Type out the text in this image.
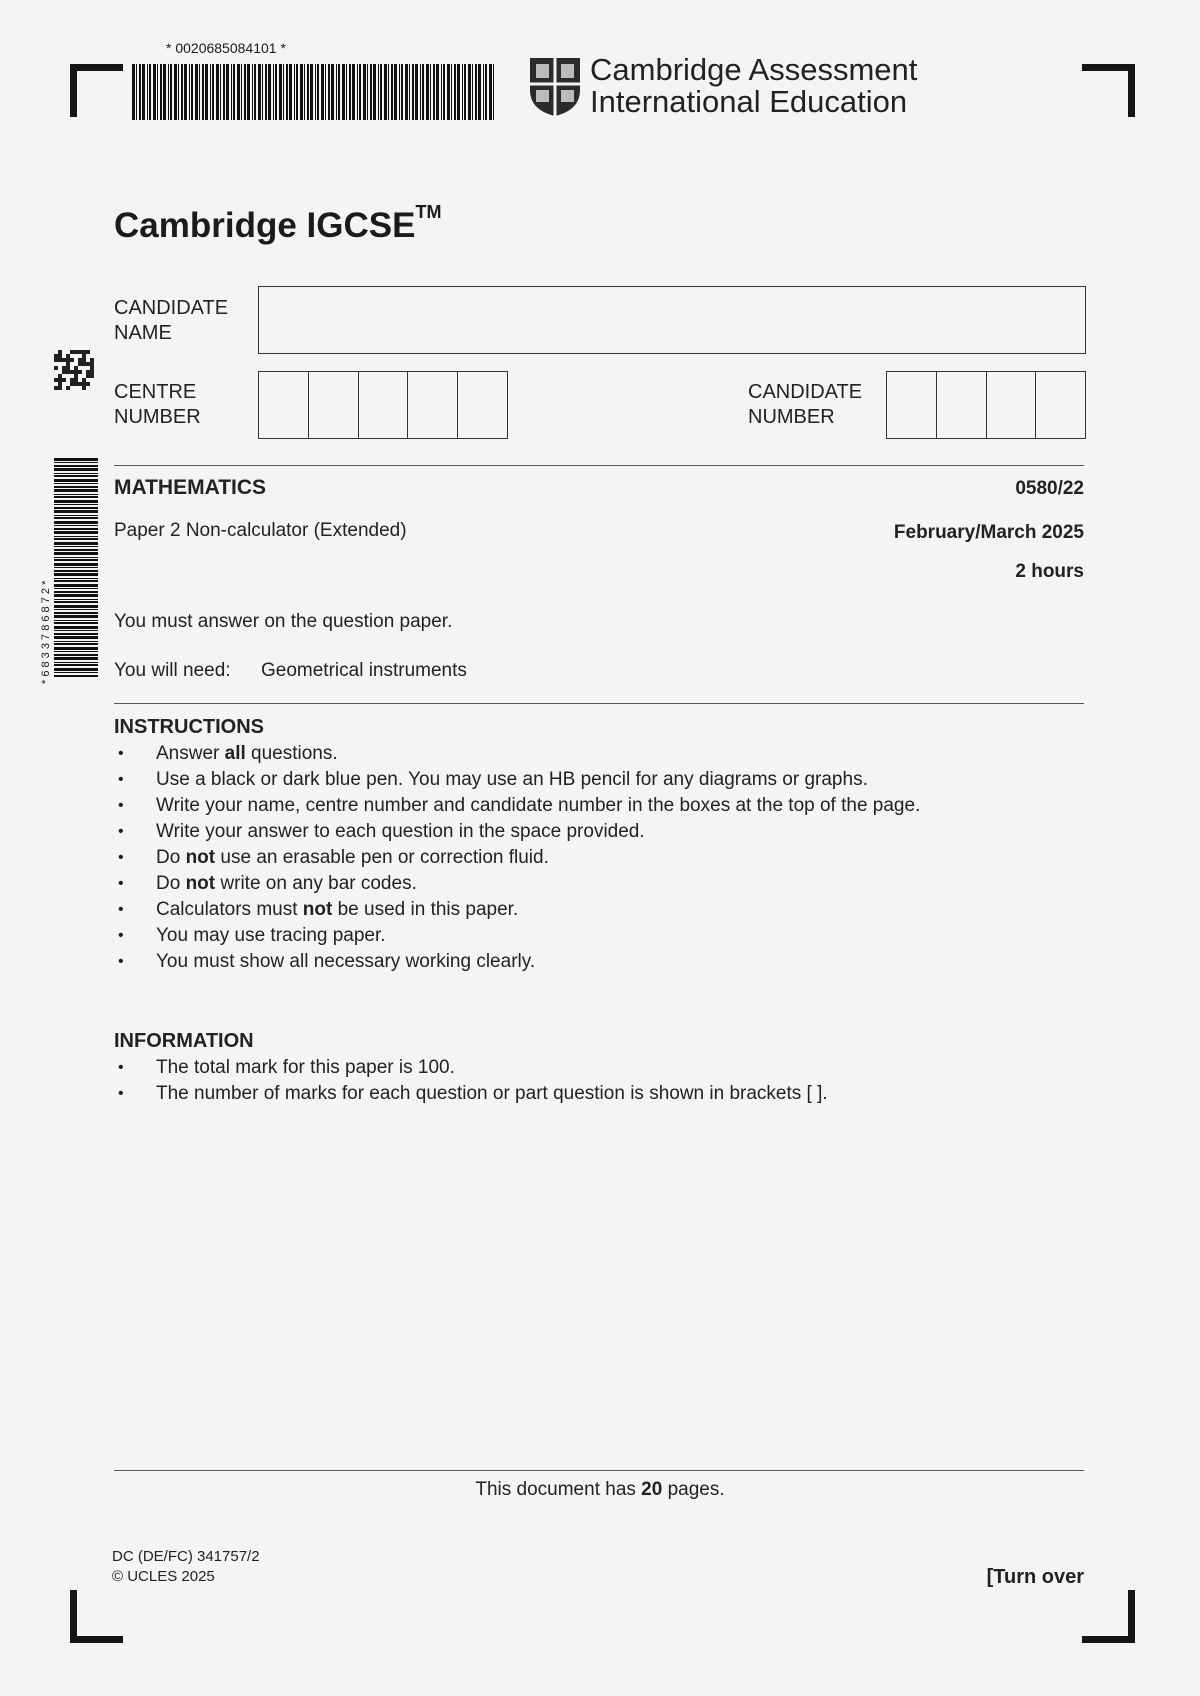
* 0020685084101 *
Cambridge Assessment
International Education
Cambridge IGCSE™
CANDIDATE
NAME
CENTRE
NUMBER
CANDIDATE
NUMBER
* 6 8 3 3 7 8 6 8 7 2 *
MATHEMATICS	0580/22
Paper 2 Non-calculator (Extended)	February/March 2025
2 hours
You must answer on the question paper.
You will need: Geometrical instruments
INSTRUCTIONS
• Answer all questions.
• Use a black or dark blue pen. You may use an HB pencil for any diagrams or graphs.
• Write your name, centre number and candidate number in the boxes at the top of the page.
• Write your answer to each question in the space provided.
• Do not use an erasable pen or correction fluid.
• Do not write on any bar codes.
• Calculators must not be used in this paper.
• You may use tracing paper.
• You must show all necessary working clearly.
INFORMATION
• The total mark for this paper is 100.
• The number of marks for each question or part question is shown in brackets [ ].
This document has 20 pages.
DC (DE/FC) 341757/2
© UCLES 2025	[Turn over
